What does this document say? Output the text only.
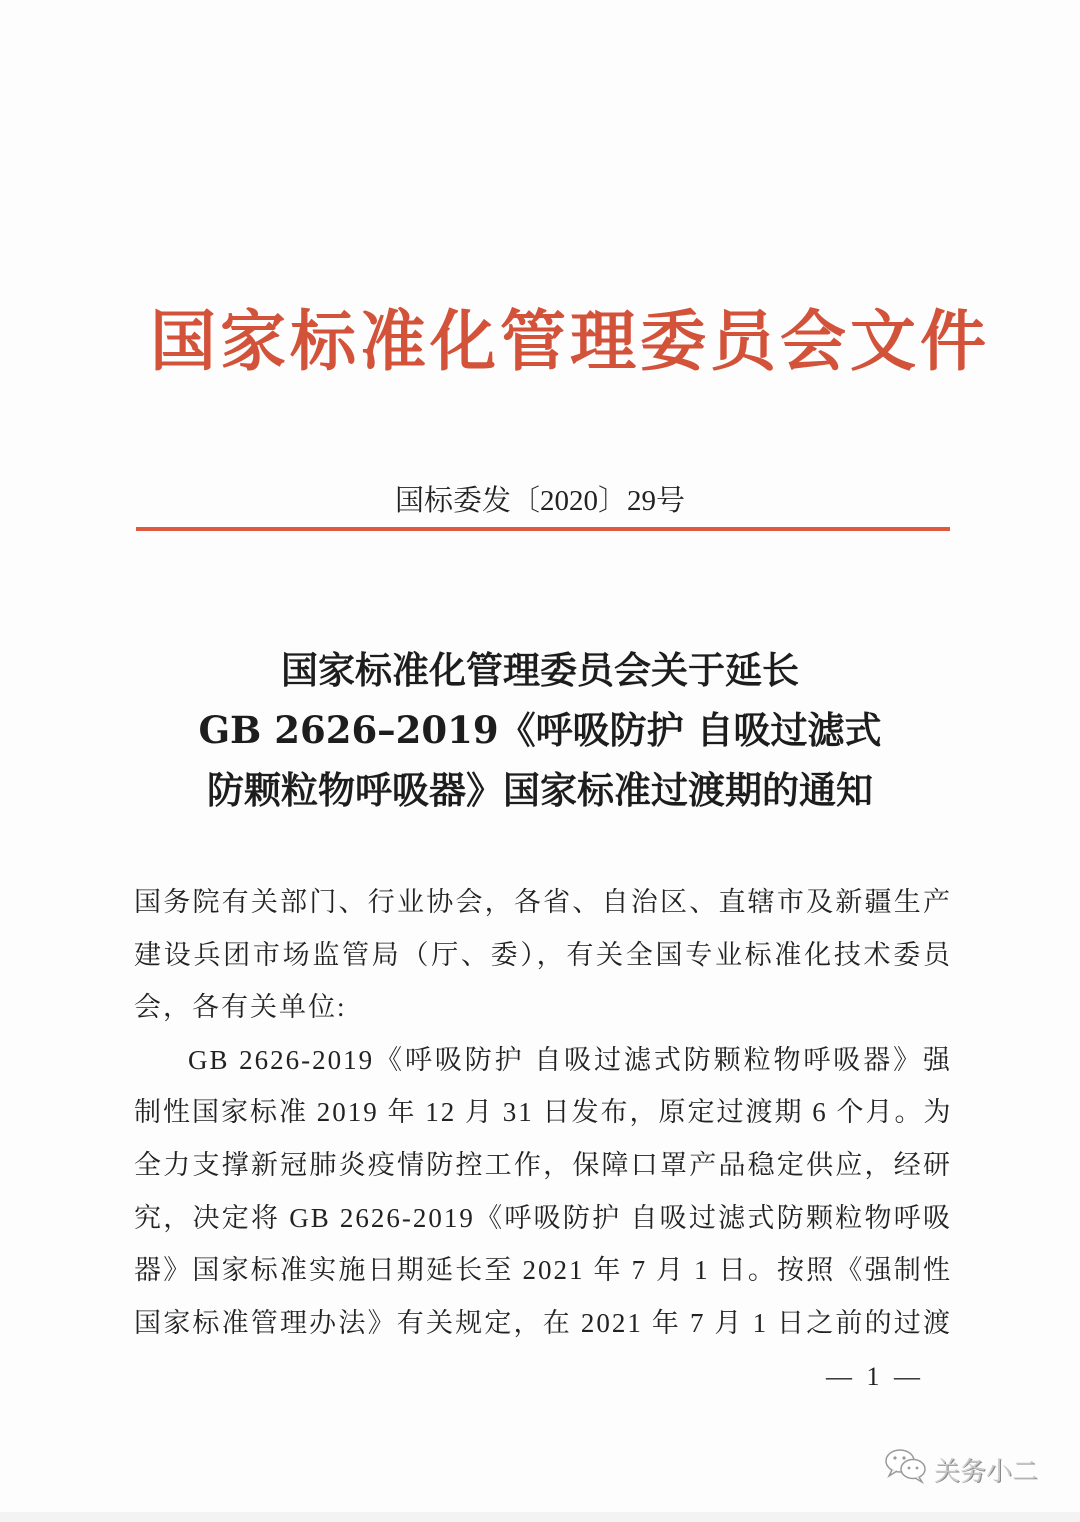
国家标准化管理委员会文件
国标委发〔2020〕29号
国家标准化管理委员会关于延长
GB 2626–2019《呼吸防护 自吸过滤式
防颗粒物呼吸器》国家标准过渡期的通知
国务院有关部门、行业协会，各省、自治区、直辖市及新疆生产
建设兵团市场监管局（厅、委），有关全国专业标准化技术委员
会，各有关单位:
GB 2626-2019《呼吸防护 自吸过滤式防颗粒物呼吸器》强
制性国家标准 2019 年 12 月 31 日发布，原定过渡期 6 个月。为
全力支撑新冠肺炎疫情防控工作，保障口罩产品稳定供应，经研
究，决定将 GB 2626-2019《呼吸防护 自吸过滤式防颗粒物呼吸
器》国家标准实施日期延长至 2021 年 7 月 1 日。按照《强制性
国家标准管理办法》有关规定，在 2021 年 7 月 1 日之前的过渡
— 1 —
关务小二
